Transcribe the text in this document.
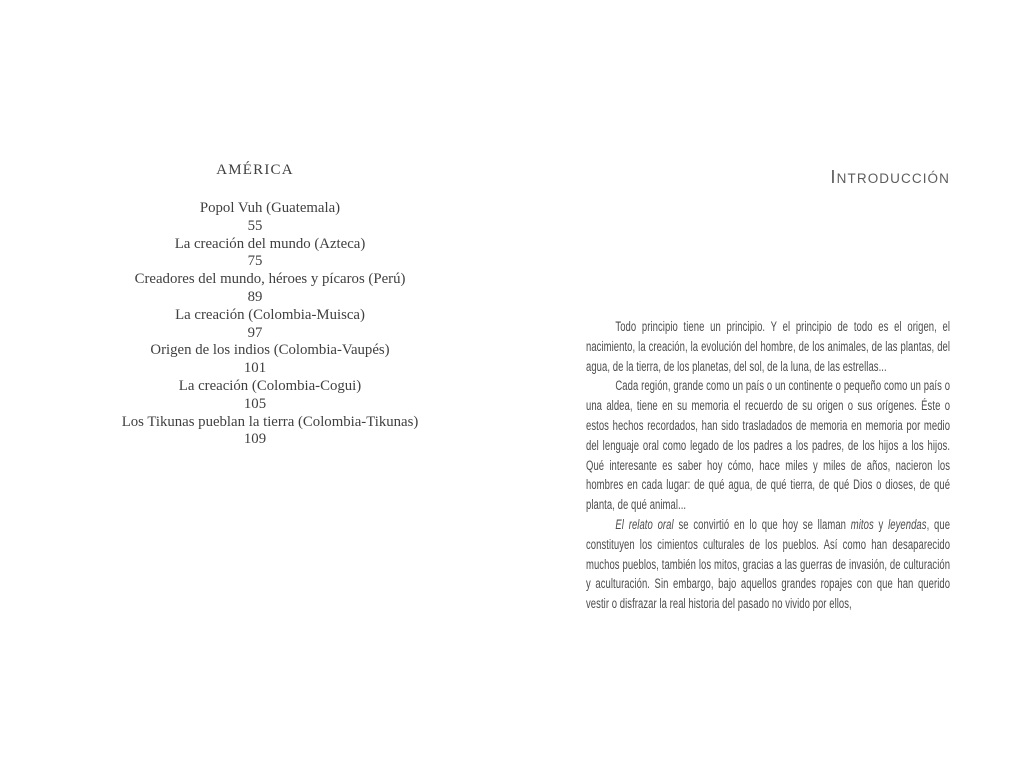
AMÉRICA
Popol Vuh (Guatemala)
55
La creación del mundo (Azteca)
75
Creadores del mundo, héroes y pícaros (Perú)
89
La creación (Colombia-Muisca)
97
Origen de los indios (Colombia-Vaupés)
101
La creación (Colombia-Cogui)
105
Los Tikunas pueblan la tierra (Colombia-Tikunas)
109
INTRODUCCIÓN

Todo principio tiene un principio. Y el principio de todo es el origen, el nacimiento, la creación, la evolución del hombre, de los animales, de las plantas, del agua, de la tierra, de los planetas, del sol, de la luna, de las estrellas...

Cada región, grande como un país o un continente o pequeño como un país o una aldea, tiene en su memoria el recuerdo de su origen o sus orígenes. Éste o estos hechos recordados, han sido trasladados de memoria en memoria por medio del lenguaje oral como legado de los padres a los padres, de los hijos a los hijos. Qué interesante es saber hoy cómo, hace miles y miles de años, nacieron los hombres en cada lugar: de qué agua, de qué tierra, de qué Dios o dioses, de qué planta, de qué animal...

El relato oral se convirtió en lo que hoy se llaman mitos y leyendas, que constituyen los cimientos culturales de los pueblos. Así como han desaparecido muchos pueblos, también los mitos, gracias a las guerras de invasión, de culturación y aculturación. Sin embargo, bajo aquellos grandes ropajes con que han querido vestir o disfrazar la real historia del pasado no vivido por ellos,
